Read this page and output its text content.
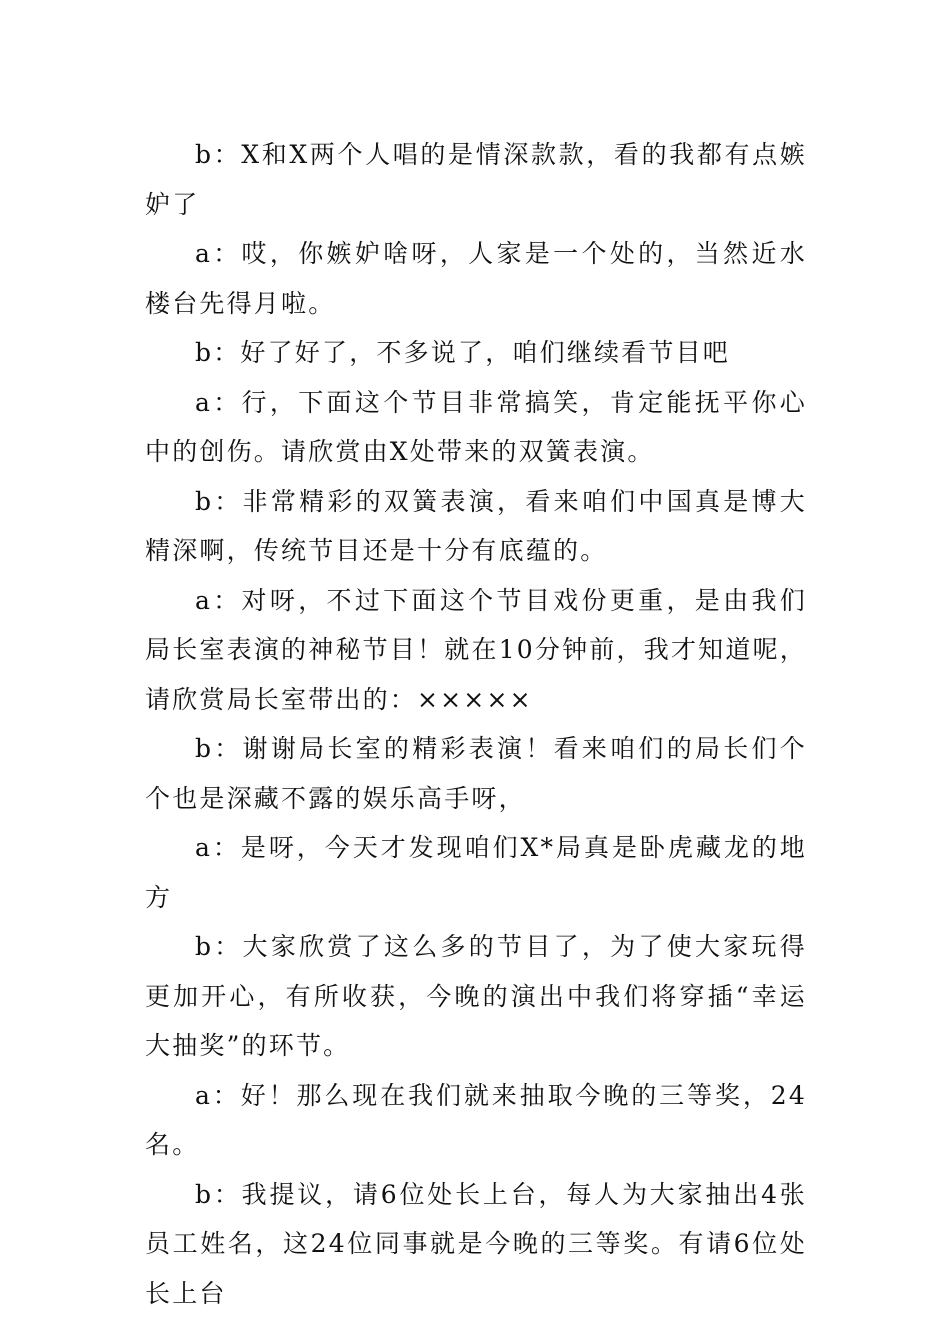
b：X和X两个人唱的是情深款款，看的我都有点嫉妒了

a：哎，你嫉妒啥呀，人家是一个处的，当然近水楼台先得月啦。

b：好了好了，不多说了，咱们继续看节目吧

a：行，下面这个节目非常搞笑，肯定能抚平你心中的创伤。请欣赏由X处带来的双簧表演。

b：非常精彩的双簧表演，看来咱们中国真是博大精深啊，传统节目还是十分有底蕴的。

a：对呀，不过下面这个节目戏份更重，是由我们局长室表演的神秘节目！就在10分钟前，我才知道呢，请欣赏局长室带出的：×××××

b：谢谢局长室的精彩表演！看来咱们的局长们个个也是深藏不露的娱乐高手呀，

a：是呀，今天才发现咱们X*局真是卧虎藏龙的地方

b：大家欣赏了这么多的节目了，为了使大家玩得更加开心，有所收获，今晚的演出中我们将穿插“幸运大抽奖”的环节。

a：好！那么现在我们就来抽取今晚的三等奖，24名。

b：我提议，请6位处长上台，每人为大家抽出4张员工姓名，这24位同事就是今晚的三等奖。有请6位处长上台
